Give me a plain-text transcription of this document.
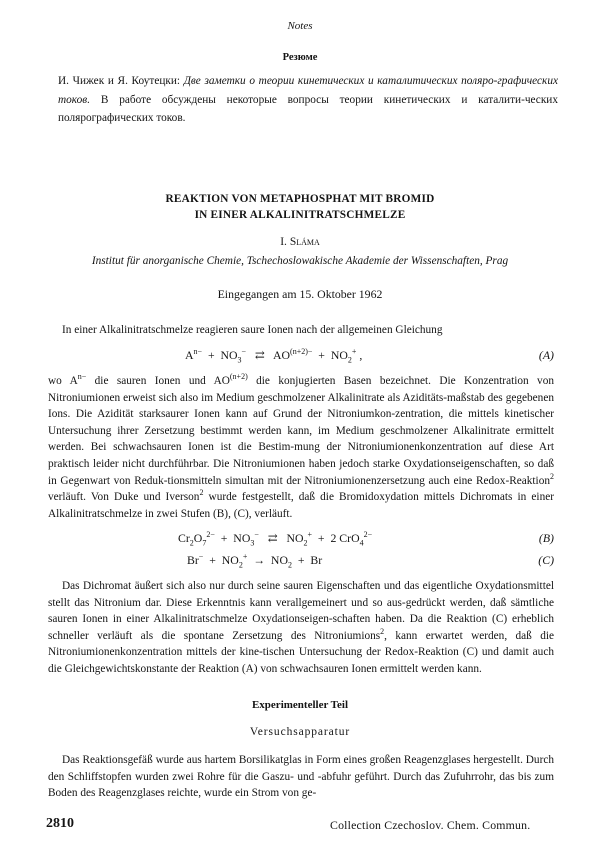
Notes
Резюме
И. Чижек и Я. Коутецки: Две заметки о теории кинетических и каталитических поляро-графических токов. В работе обсуждены некоторые вопросы теории кинетических и каталити-ческих полярографических токов.
REAKTION VON METAPHOSPHAT MIT BROMID
IN EINER ALKALINITRATSCHMELZE
I. Sláma
Institut für anorganische Chemie, Tschechoslowakische Akademie der Wissenschaften, Prag
Eingegangen am 15. Oktober 1962
In einer Alkalinitratschmelze reagieren saure Ionen nach der allgemeinen Gleichung
$A^{n-} + NO_3^-$   ⇄   $AO^{(n+2)-} + NO_2^+$ ,	(A)
wo $A^{n-}$ die sauren Ionen und $AO^{(n+2)}$ die konjugierten Basen bezeichnet. Die Konzentration von Nitroniumionen erweist sich also im Medium geschmolzener Alkalinitrate als Aziditäts-maßstab des gegebenen Ions. Die Azidität starksaurer Ionen kann auf Grund der Nitroniumkon-zentration, die mittels kinetischer Untersuchung ihrer Zersetzung bestimmt werden kann, im Medium geschmolzener Alkalinitrate ermittelt werden. Bei schwachsauren Ionen ist die Bestim-mung der Nitroniumionenkonzentration auf diese Art praktisch leider nicht durchführbar. Die Nitroniumionen haben jedoch starke Oxydationseigenschaften, so daß in Gegenwart von Reduk-tionsmitteln simultan mit der Nitroniumionenzersetzung auch eine Redox-Reaktion$^2$ verläuft. Von Duke und Iverson$^2$ wurde festgestellt, daß die Bromidoxydation mittels Dichromats in einer Alkalinitratschmelze in zwei Stufen (B), (C), verläuft.
$Cr_2O_7^{2-} + NO_3^-$   ⇄   $NO_2^+ + 2$ CrO$_4^{2-}$	(B)
$Br^- + NO_2^+ \to NO_2 + Br$	(C)
Das Dichromat äußert sich also nur durch seine sauren Eigenschaften und das eigentliche Oxydationsmittel stellt das Nitronium dar. Diese Erkenntnis kann verallgemeinert und so aus-gedrückt werden, daß sämtliche sauren Ionen in einer Alkalinitratschmelze Oxydationseigen-schaften haben. Da die Reaktion (C) erheblich schneller verläuft als die spontane Zersetzung des Nitroniumions$^2$, kann erwartet werden, daß die Nitroniumionenkonzentration mittels der kine-tischen Untersuchung der Redox-Reaktion (C) und damit auch die Gleichgewichtskonstante der Reaktion (A) von schwachsauren Ionen ermittelt werden kann.
Experimenteller Teil
Versuchsapparatur
Das Reaktionsgefäß wurde aus hartem Borsilikatglas in Form eines großen Reagenzglases hergestellt. Durch den Schliffstopfen wurden zwei Rohre für die Gaszu- und -abfuhr geführt. Durch das Zufuhrrohr, das bis zum Boden des Reagenzglases reichte, wurde ein Strom von ge-
2810	Collection Czechoslov. Chem. Commun.
